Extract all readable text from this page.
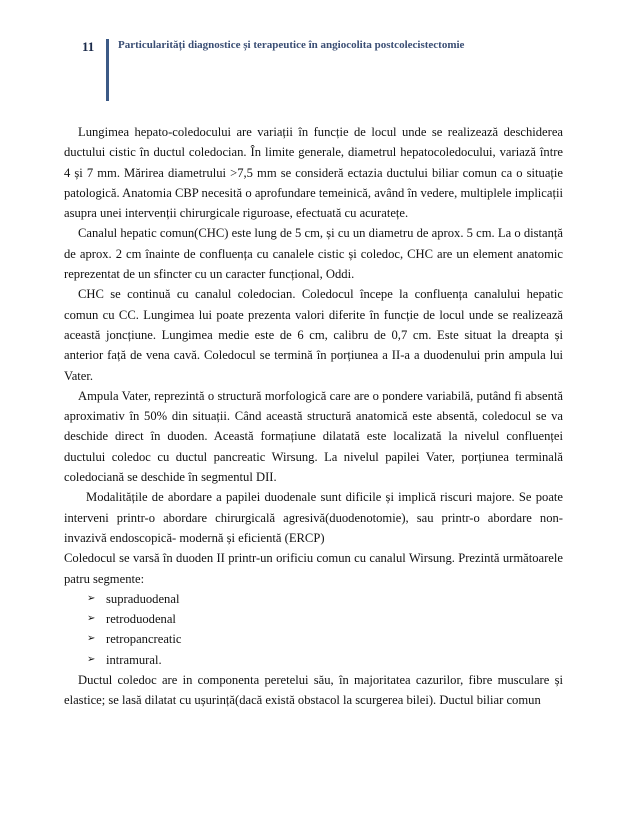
11 Particularități diagnostice și terapeutice în angiocolita postcolecistectomie

Lungimea hepato-coledocului are variații în funcție de locul unde se realizează deschiderea ductului cistic în ductul coledocian. În limite generale, diametrul hepatocoledocului, variază între 4 și 7 mm. Mărirea diametrului >7,5 mm se consideră ectazia ductului biliar comun ca o situație patologică. Anatomia CBP necesită o aprofundare temeinică, având în vedere, multiplele implicații asupra unei intervenții chirurgicale riguroase, efectuată cu acuratețe.

Canalul hepatic comun(CHC) este lung de 5 cm, și cu un diametru de aprox. 5 cm. La o distanță de aprox. 2 cm înainte de confluența cu canalele cistic și coledoc, CHC are un element anatomic reprezentat de un sfincter cu un caracter funcțional, Oddi.

CHC se continuă cu canalul coledocian. Coledocul începe la confluența canalului hepatic comun cu CC. Lungimea lui poate prezenta valori diferite în funcție de locul unde se realizează această joncțiune. Lungimea medie este de 6 cm, calibru de 0,7 cm. Este situat la dreapta și anterior față de vena cavă. Coledocul se termină în porțiunea a II-a a duodenului prin ampula lui Vater.

Ampula Vater, reprezintă o structură morfologică care are o pondere variabilă, putând fi absentă aproximativ în 50% din situații. Când această structură anatomică este absentă, coledocul se va deschide direct în duoden. Această formațiune dilatată este localizată la nivelul confluenței ductului coledoc cu ductul pancreatic Wirsung. La nivelul papilei Vater, porțiunea terminală coledociană se deschide în segmentul DII.

Modalitățile de abordare a papilei duodenale sunt dificile și implică riscuri majore. Se poate interveni printr-o abordare chirurgicală agresivă(duodenotomie), sau printr-o abordare non-invazivă endoscopică- modernă și eficientă (ERCP)

Coledocul se varsă în duoden II printr-un orificiu comun cu canalul Wirsung. Prezintă următoarele patru segmente:

➢ supraduodenal
➢ retroduodenal
➢ retropancreatic
➢ intramural.

Ductul coledoc are in componenta peretelui său, în majoritatea cazurilor, fibre musculare și elastice; se lasă dilatat cu ușurință(dacă există obstacol la scurgerea bilei). Ductul biliar comun
